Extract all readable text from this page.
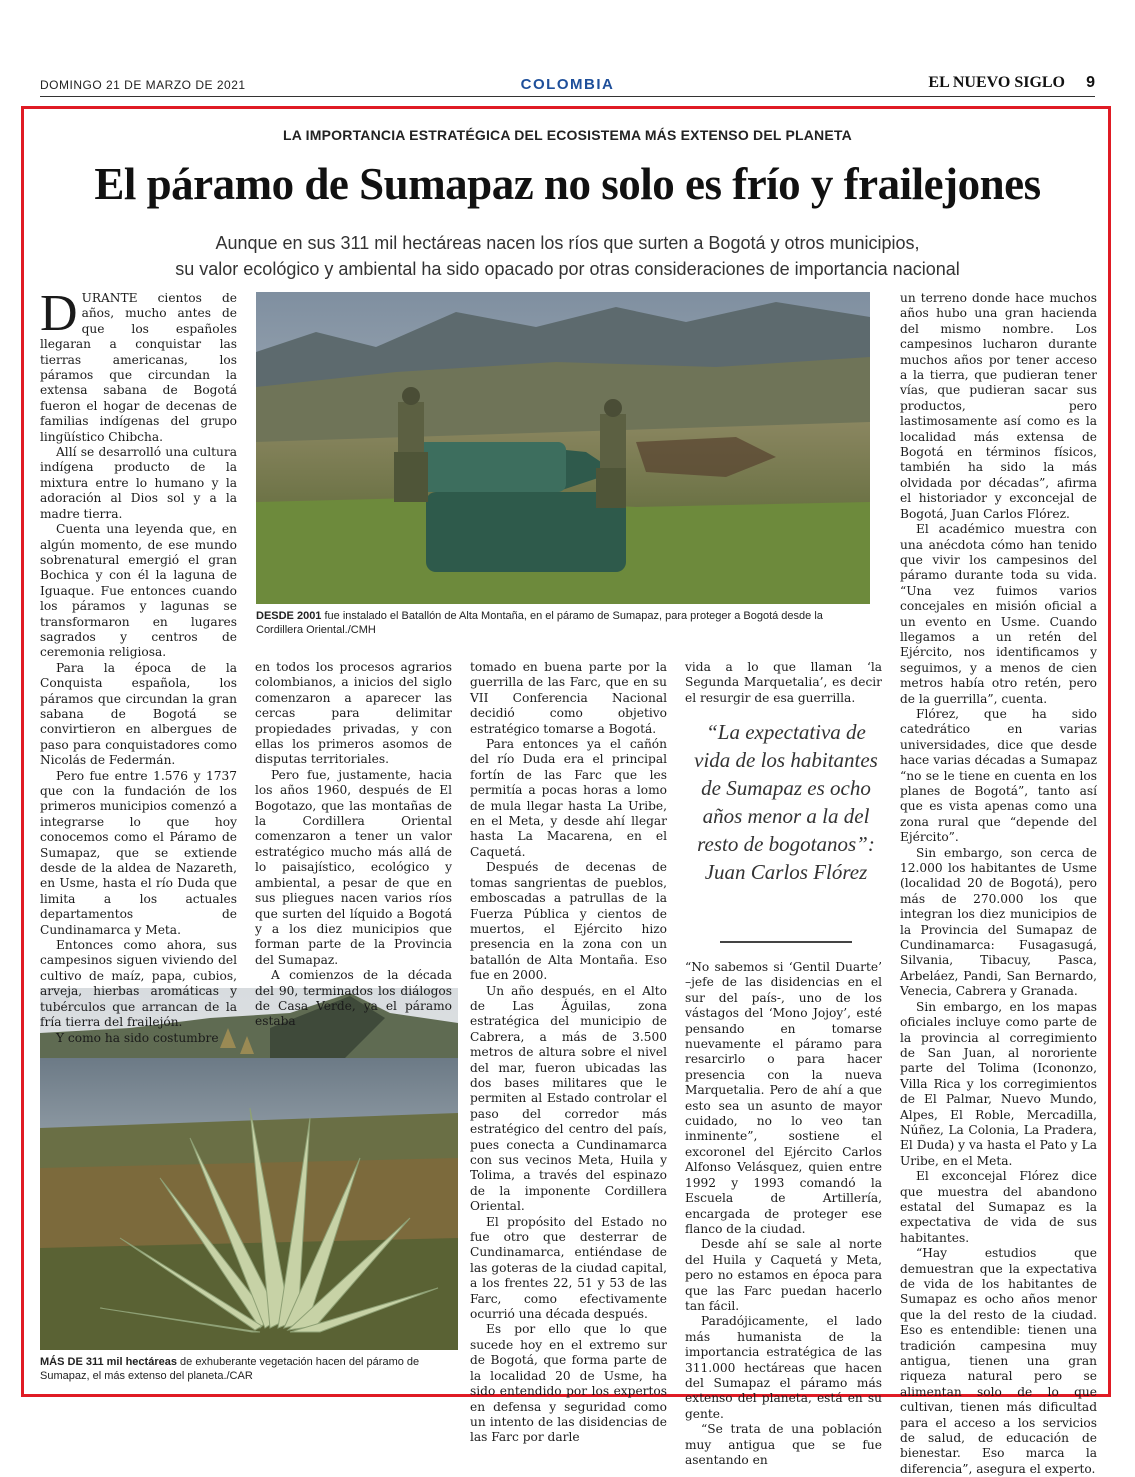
DOMINGO 21 DE MARZO DE 2021	COLOMBIA	EL NUEVO SIGLO 9
LA IMPORTANCIA ESTRATÉGICA DEL ECOSISTEMA MÁS EXTENSO DEL PLANETA
El páramo de Sumapaz no solo es frío y frailejones
Aunque en sus 311 mil hectáreas nacen los ríos que surten a Bogotá y otros municipios,
su valor ecológico y ambiental ha sido opacado por otras consideraciones de importancia nacional
DESDE 2001 fue instalado el Batallón de Alta Montaña, en el páramo de Sumapaz, para proteger a Bogotá desde la Cordillera Oriental./CMH
MÁS DE 311 mil hectáreas de exhuberante vegetación hacen del páramo de Sumapaz, el más extenso del planeta./CAR

DURANTE cientos de años, mucho antes de que los españoles llegaran a conquistar las tierras americanas, los páramos que circundan la extensa sabana de Bogotá fueron el hogar de decenas de familias indígenas del grupo lingüístico Chibcha.

Allí se desarrolló una cultura indígena producto de la mixtura entre lo humano y la adoración al Dios sol y a la madre tierra.

Cuenta una leyenda que, en algún momento, de ese mundo sobrenatural emergió el gran Bochica y con él la laguna de Iguaque. Fue entonces cuando los páramos y lagunas se transformaron en lugares sagrados y centros de ceremonia religiosa.

Para la época de la Conquista española, los páramos que circundan la gran sabana de Bogotá se convirtieron en albergues de paso para conquistadores como Nicolás de Federmán.

Pero fue entre 1.576 y 1737 que con la fundación de los primeros municipios comenzó a integrarse lo que hoy conocemos como el Páramo de Sumapaz, que se extiende desde de la aldea de Nazareth, en Usme, hasta el río Duda que limita a los actuales departamentos de Cundinamarca y Meta.

Entonces como ahora, sus campesinos siguen viviendo del cultivo de maíz, papa, cubios, arveja, hierbas aromáticas y tubérculos que arrancan de la fría tierra del frailejón.

Y como ha sido costumbre

en todos los procesos agrarios colombianos, a inicios del siglo comenzaron a aparecer las cercas para delimitar propiedades privadas, y con ellas los primeros asomos de disputas territoriales.

Pero fue, justamente, hacia los años 1960, después de El Bogotazo, que las montañas de la Cordillera Oriental comenzaron a tener un valor estratégico mucho más allá de lo paisajístico, ecológico y ambiental, a pesar de que en sus pliegues nacen varios ríos que surten del líquido a Bogotá y a los diez municipios que forman parte de la Provincia del Sumapaz.

A comienzos de la década del 90, terminados los diálogos de Casa Verde, ya el páramo estaba

tomado en buena parte por la guerrilla de las Farc, que en su VII Conferencia Nacional decidió como objetivo estratégico tomarse a Bogotá.

Para entonces ya el cañón del río Duda era el principal fortín de las Farc que les permitía a pocas horas a lomo de mula llegar hasta La Uribe, en el Meta, y desde ahí llegar hasta La Macarena, en el Caquetá.

Después de decenas de tomas sangrientas de pueblos, emboscadas a patrullas de la Fuerza Pública y cientos de muertos, el Ejército hizo presencia en la zona con un batallón de Alta Montaña. Eso fue en 2000.

Un año después, en el Alto de Las Águilas, zona estratégica del municipio de Cabrera, a más de 3.500 metros de altura sobre el nivel del mar, fueron ubicadas las dos bases militares que le permiten al Estado controlar el paso del corredor más estratégico del centro del país, pues conecta a Cundinamarca con sus vecinos Meta, Huila y Tolima, a través del espinazo de la imponente Cordillera Oriental.

El propósito del Estado no fue otro que desterrar de Cundinamarca, entiéndase de las goteras de la ciudad capital, a los frentes 22, 51 y 53 de las Farc, como efectivamente ocurrió una década después.

Es por ello que lo que sucede hoy en el extremo sur de Bogotá, que forma parte de la localidad 20 de Usme, ha sido entendido por los expertos en defensa y seguridad como un intento de las disidencias de las Farc por darle

vida a lo que llaman ‘la Segunda Marquetalia’, es decir el resurgir de esa guerrilla.

“La expectativa de vida de los habitantes de Sumapaz es ocho años menor a la del resto de bogotanos”: Juan Carlos Flórez

“No sabemos si ‘Gentil Duarte’ –jefe de las disidencias en el sur del país-, uno de los vástagos del ‘Mono Jojoy’, esté pensando en tomarse nuevamente el páramo para resarcirlo o para hacer presencia con la nueva Marquetalia. Pero de ahí a que esto sea un asunto de mayor cuidado, no lo veo tan inminente”, sostiene el excoronel del Ejército Carlos Alfonso Velásquez, quien entre 1992 y 1993 comandó la Escuela de Artillería, encargada de proteger ese flanco de la ciudad.

Desde ahí se sale al norte del Huila y Caquetá y Meta, pero no estamos en época para que las Farc puedan hacerlo tan fácil.

Paradójicamente, el lado más humanista de la importancia estratégica de las 311.000 hectáreas que hacen del Sumapaz el páramo más extenso del planeta, está en su gente.

“Se trata de una población muy antigua que se fue asentando en

un terreno donde hace muchos años hubo una gran hacienda del mismo nombre. Los campesinos lucharon durante muchos años por tener acceso a la tierra, que pudieran tener vías, que pudieran sacar sus productos, pero lastimosamente así como es la localidad más extensa de Bogotá en términos físicos, también ha sido la más olvidada por décadas”, afirma el historiador y exconcejal de Bogotá, Juan Carlos Flórez.

El académico muestra con una anécdota cómo han tenido que vivir los campesinos del páramo durante toda su vida. “Una vez fuimos varios concejales en misión oficial a un evento en Usme. Cuando llegamos a un retén del Ejército, nos identificamos y seguimos, y a menos de cien metros había otro retén, pero de la guerrilla”, cuenta.

Flórez, que ha sido catedrático en varias universidades, dice que desde hace varias décadas a Sumapaz “no se le tiene en cuenta en los planes de Bogotá”, tanto así que es vista apenas como una zona rural que “depende del Ejército”.

Sin embargo, son cerca de 12.000 los habitantes de Usme (localidad 20 de Bogotá), pero más de 270.000 los que integran los diez municipios de la Provincia del Sumapaz de Cundinamarca: Fusagasugá, Silvania, Tibacuy, Pasca, Arbeláez, Pandi, San Bernardo, Venecia, Cabrera y Granada.

Sin embargo, en los mapas oficiales incluye como parte de la provincia al corregimiento de San Juan, al nororiente parte del Tolima (Icononzo, Villa Rica y los corregimientos de El Palmar, Nuevo Mundo, Alpes, El Roble, Mercadilla, Núñez, La Colonia, La Pradera, El Duda) y va hasta el Pato y La Uribe, en el Meta.

El exconcejal Flórez dice que muestra del abandono estatal del Sumapaz es la expectativa de vida de sus habitantes.

“Hay estudios que demuestran que la expectativa de vida de los habitantes de Sumapaz es ocho años menor que la del resto de la ciudad. Eso es entendible: tienen una tradición campesina muy antigua, tienen una gran riqueza natural pero se alimentan solo de lo que cultivan, tienen más dificultad para el acceso a los servicios de salud, de educación de bienestar. Eso marca la diferencia”, asegura el experto.
